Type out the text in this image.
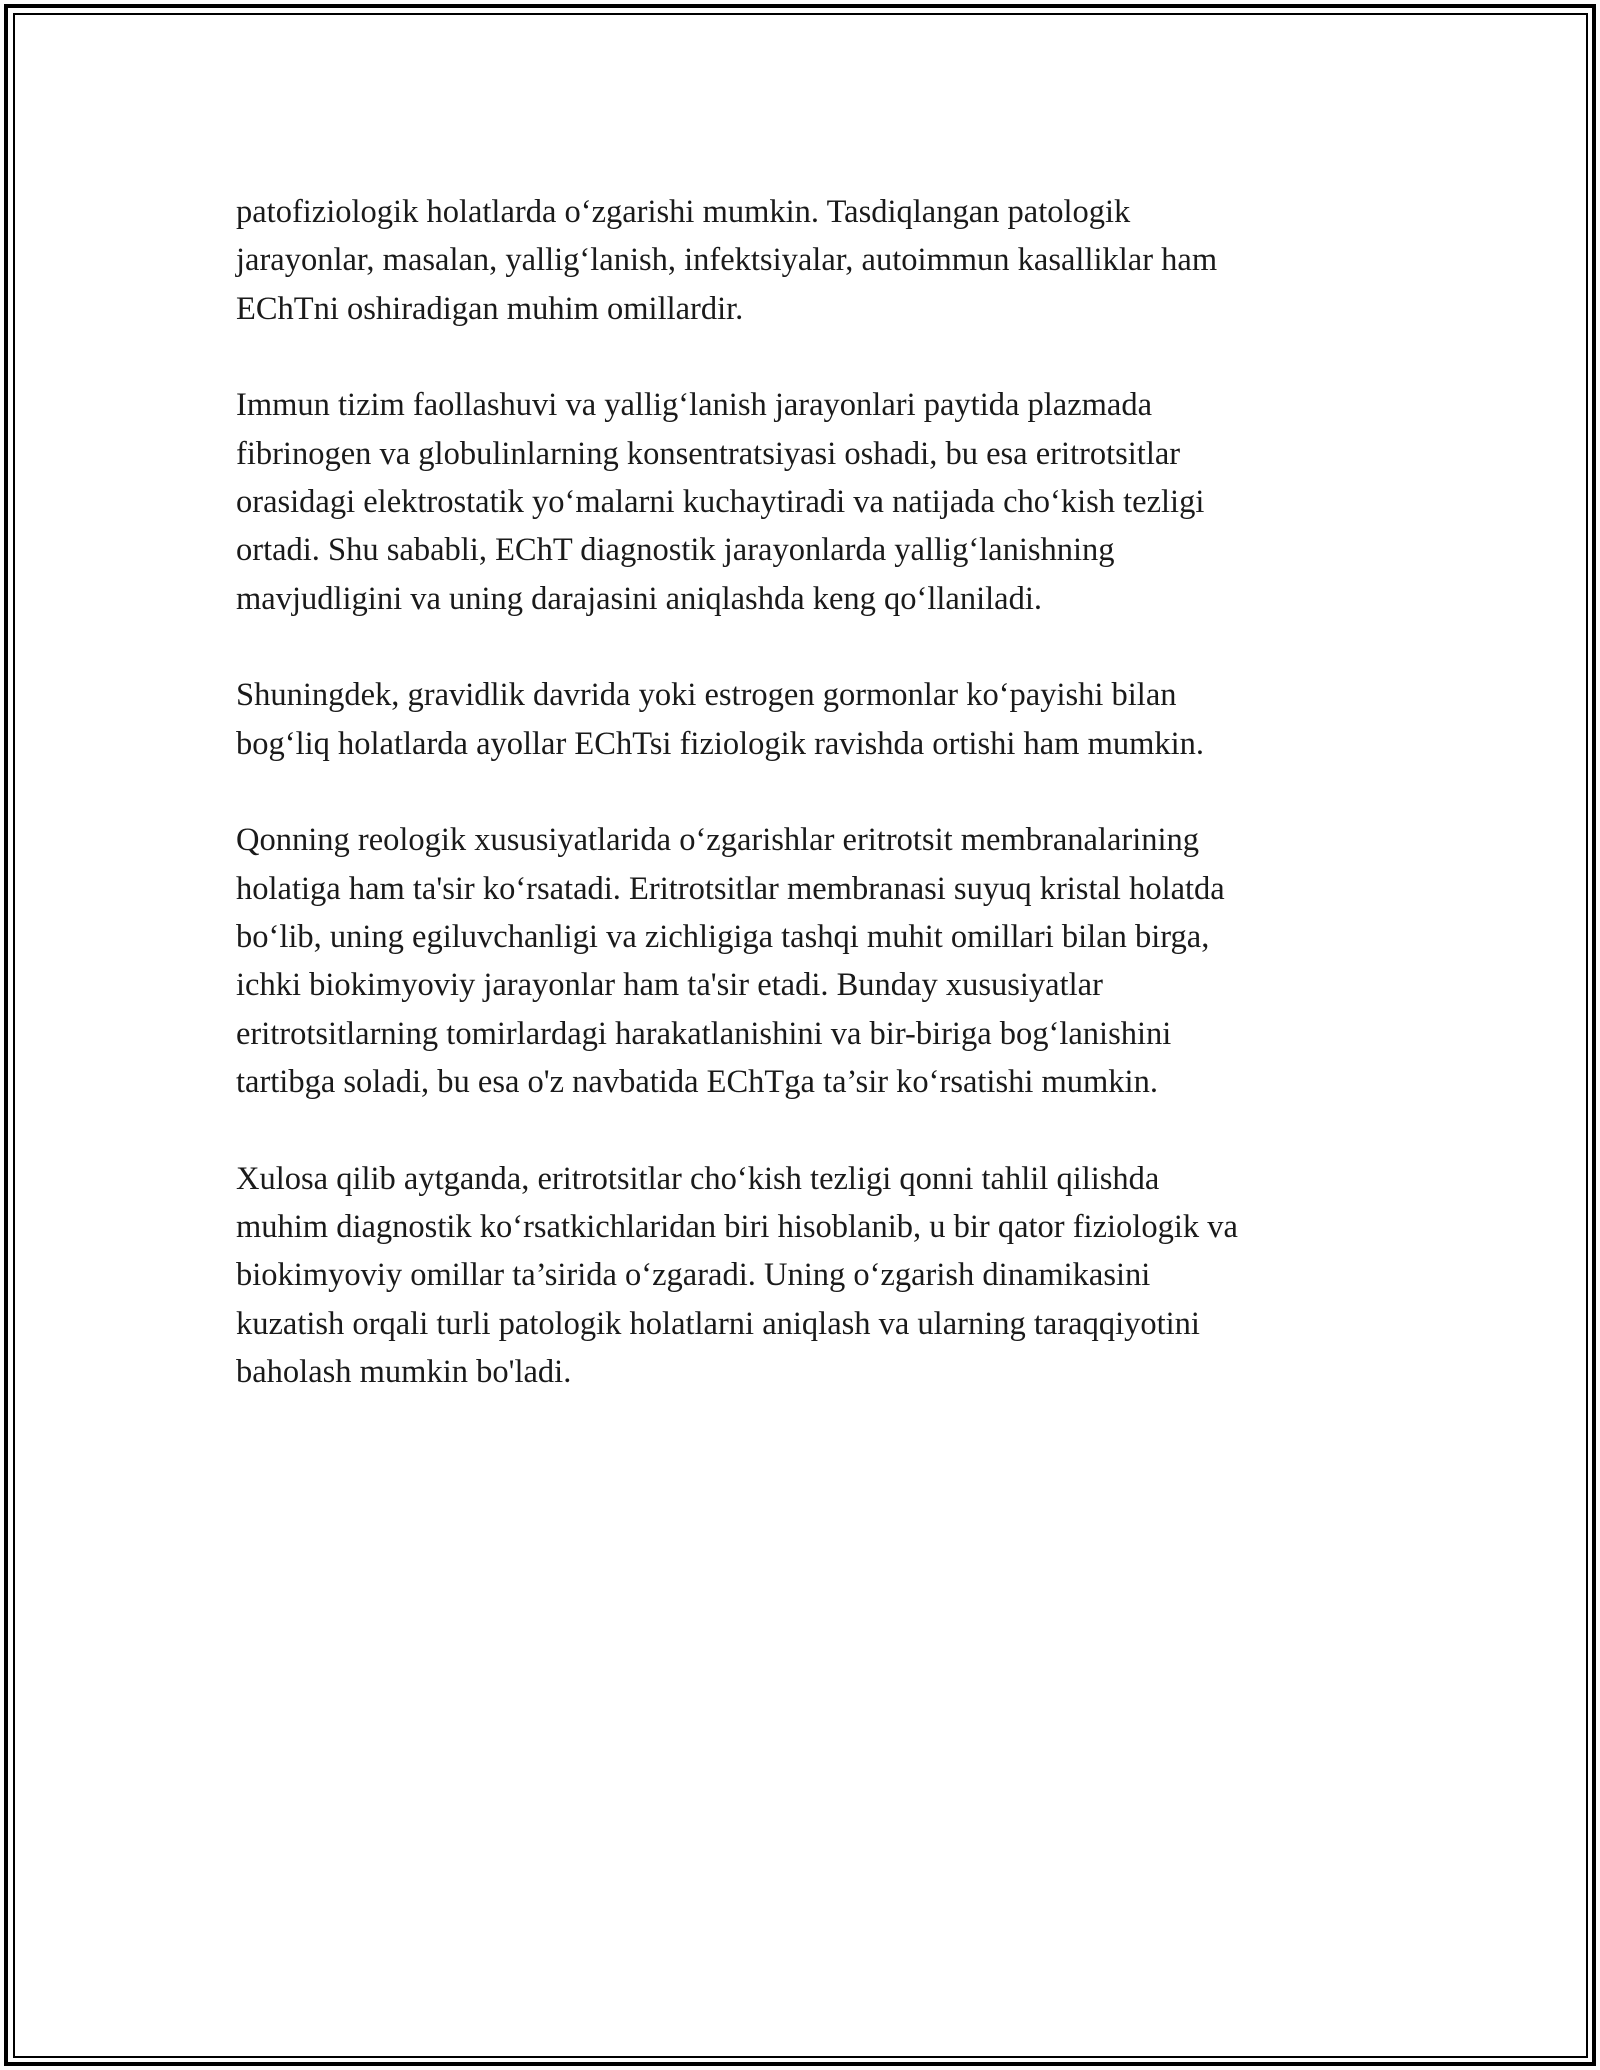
patofiziologik holatlarda o‘zgarishi mumkin. Tasdiqlangan patologik
jarayonlar, masalan, yallig‘lanish, infektsiyalar, autoimmun kasalliklar ham
EChTni oshiradigan muhim omillardir.

Immun tizim faollashuvi va yallig‘lanish jarayonlari paytida plazmada
fibrinogen va globulinlarning konsentratsiyasi oshadi, bu esa eritrotsitlar
orasidagi elektrostatik yo‘malarni kuchaytiradi va natijada cho‘kish tezligi
ortadi. Shu sababli, EChT diagnostik jarayonlarda yallig‘lanishning
mavjudligini va uning darajasini aniqlashda keng qo‘llaniladi.

Shuningdek, gravidlik davrida yoki estrogen gormonlar ko‘payishi bilan
bog‘liq holatlarda ayollar EChTsi fiziologik ravishda ortishi ham mumkin.

Qonning reologik xususiyatlarida o‘zgarishlar eritrotsit membranalarining
holatiga ham ta'sir ko‘rsatadi. Eritrotsitlar membranasi suyuq kristal holatda
bo‘lib, uning egiluvchanligi va zichligiga tashqi muhit omillari bilan birga,
ichki biokimyoviy jarayonlar ham ta'sir etadi. Bunday xususiyatlar
eritrotsitlarning tomirlardagi harakatlanishini va bir-biriga bog‘lanishini
tartibga soladi, bu esa o'z navbatida EChTga ta’sir ko‘rsatishi mumkin.

Xulosa qilib aytganda, eritrotsitlar cho‘kish tezligi qonni tahlil qilishda
muhim diagnostik ko‘rsatkichlaridan biri hisoblanib, u bir qator fiziologik va
biokimyoviy omillar ta’sirida o‘zgaradi. Uning o‘zgarish dinamikasini
kuzatish orqali turli patologik holatlarni aniqlash va ularning taraqqiyotini
baholash mumkin bo'ladi.
